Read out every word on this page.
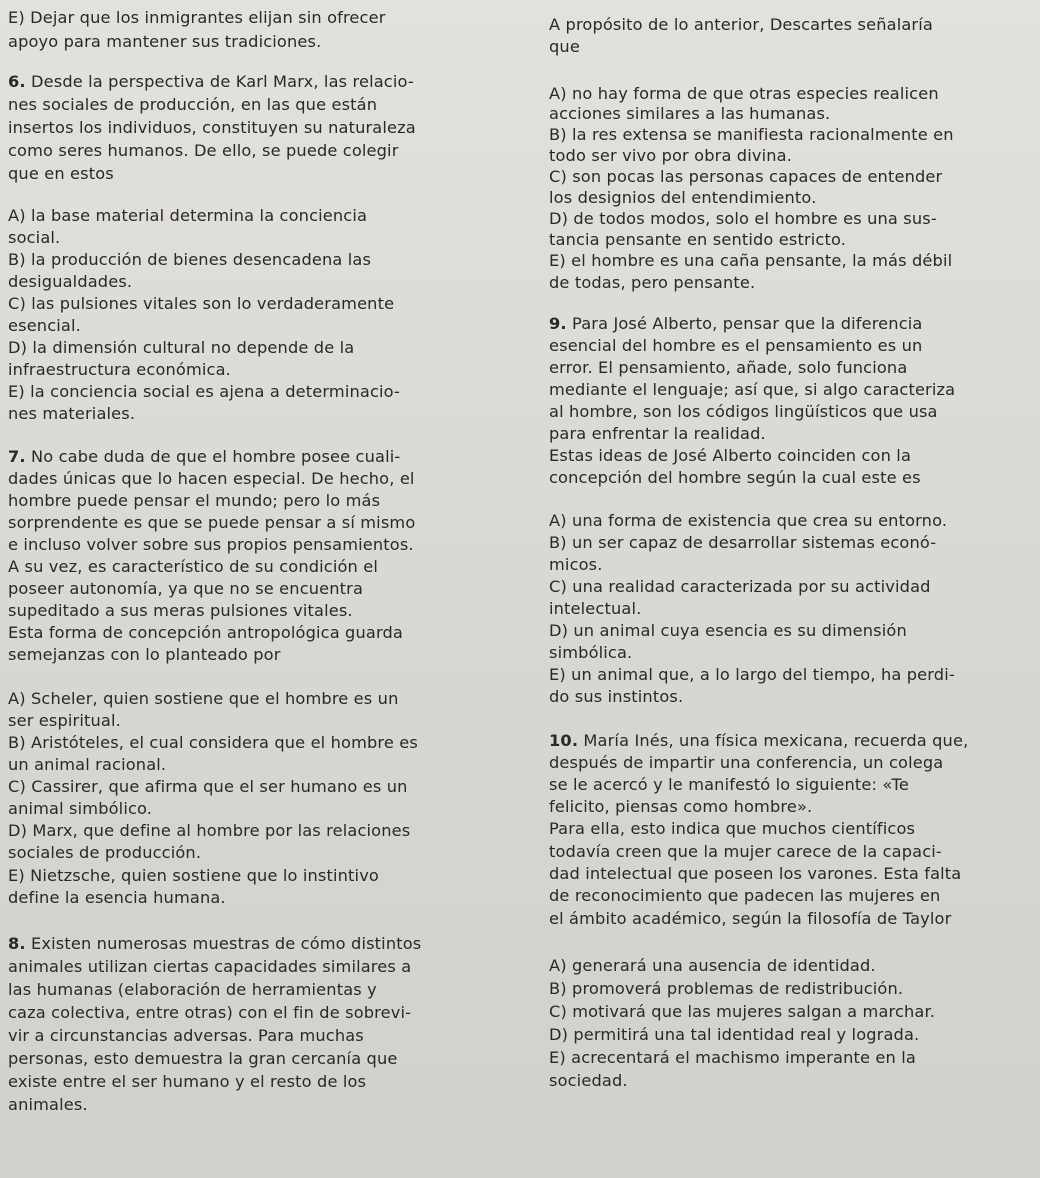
E) Dejar que los inmigrantes elijan sin ofrecer
apoyo para mantener sus tradiciones.
6. Desde la perspectiva de Karl Marx, las relacio-
nes sociales de producción, en las que están
insertos los individuos, constituyen su naturaleza
como seres humanos. De ello, se puede colegir
que en estos
A) la base material determina la conciencia
social.
B) la producción de bienes desencadena las
desigualdades.
C) las pulsiones vitales son lo verdaderamente
esencial.
D) la dimensión cultural no depende de la
infraestructura económica.
E) la conciencia social es ajena a determinacio-
nes materiales.
7. No cabe duda de que el hombre posee cuali-
dades únicas que lo hacen especial. De hecho, el
hombre puede pensar el mundo; pero lo más
sorprendente es que se puede pensar a sí mismo
e incluso volver sobre sus propios pensamientos.
A su vez, es característico de su condición el
poseer autonomía, ya que no se encuentra
supeditado a sus meras pulsiones vitales.
Esta forma de concepción antropológica guarda
semejanzas con lo planteado por
A) Scheler, quien sostiene que el hombre es un
ser espiritual.
B) Aristóteles, el cual considera que el hombre es
un animal racional.
C) Cassirer, que afirma que el ser humano es un
animal simbólico.
D) Marx, que define al hombre por las relaciones
sociales de producción.
E) Nietzsche, quien sostiene que lo instintivo
define la esencia humana.
8. Existen numerosas muestras de cómo distintos
animales utilizan ciertas capacidades similares a
las humanas (elaboración de herramientas y
caza colectiva, entre otras) con el fin de sobrevi-
vir a circunstancias adversas. Para muchas
personas, esto demuestra la gran cercanía que
existe entre el ser humano y el resto de los
animales.
A propósito de lo anterior, Descartes señalaría
que
A) no hay forma de que otras especies realicen
acciones similares a las humanas.
B) la res extensa se manifiesta racionalmente en
todo ser vivo por obra divina.
C) son pocas las personas capaces de entender
los designios del entendimiento.
D) de todos modos, solo el hombre es una sus-
tancia pensante en sentido estricto.
E) el hombre es una caña pensante, la más débil
de todas, pero pensante.
9. Para José Alberto, pensar que la diferencia
esencial del hombre es el pensamiento es un
error. El pensamiento, añade, solo funciona
mediante el lenguaje; así que, si algo caracteriza
al hombre, son los códigos lingüísticos que usa
para enfrentar la realidad.
Estas ideas de José Alberto coinciden con la
concepción del hombre según la cual este es
A) una forma de existencia que crea su entorno.
B) un ser capaz de desarrollar sistemas econó-
micos.
C) una realidad caracterizada por su actividad
intelectual.
D) un animal cuya esencia es su dimensión
simbólica.
E) un animal que, a lo largo del tiempo, ha perdi-
do sus instintos.
10. María Inés, una física mexicana, recuerda que,
después de impartir una conferencia, un colega
se le acercó y le manifestó lo siguiente: «Te
felicito, piensas como hombre».
Para ella, esto indica que muchos científicos
todavía creen que la mujer carece de la capaci-
dad intelectual que poseen los varones. Esta falta
de reconocimiento que padecen las mujeres en
el ámbito académico, según la filosofía de Taylor
A) generará una ausencia de identidad.
B) promoverá problemas de redistribución.
C) motivará que las mujeres salgan a marchar.
D) permitirá una tal identidad real y lograda.
E) acrecentará el machismo imperante en la
sociedad.
